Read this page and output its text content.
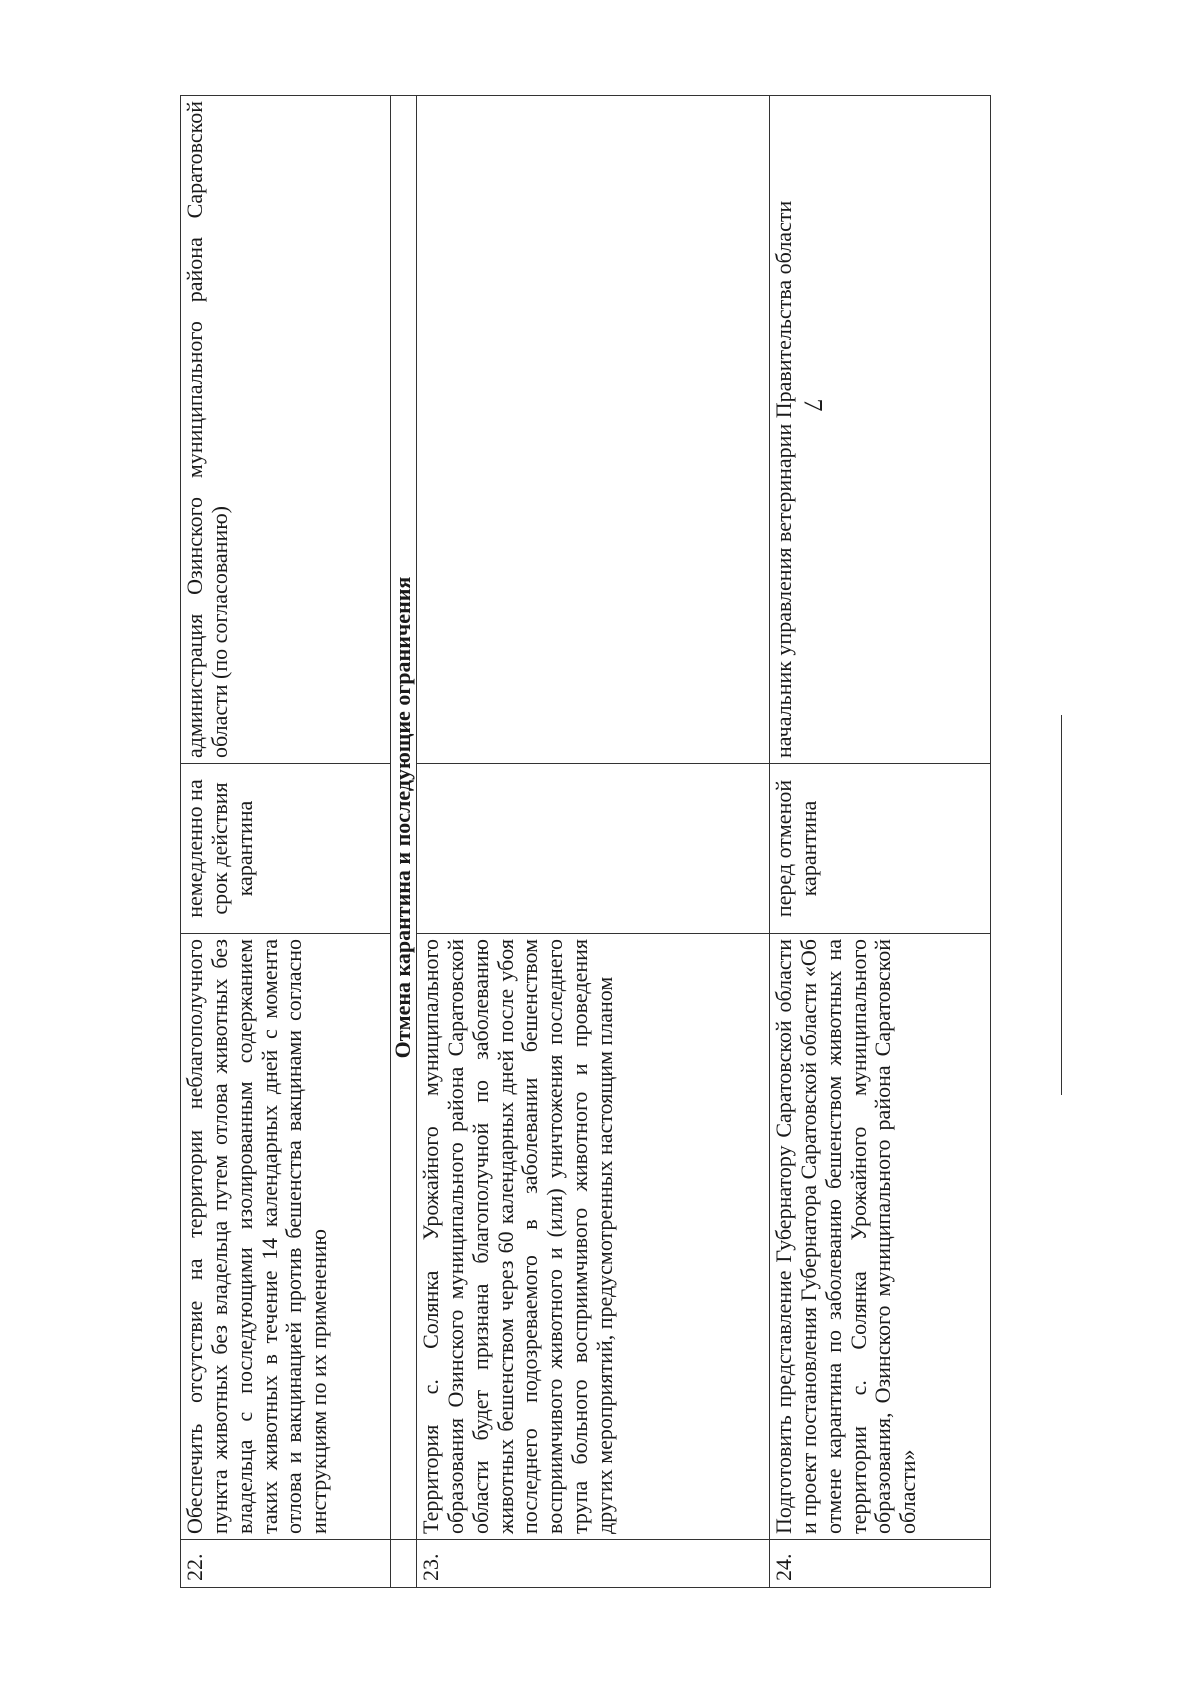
7
22.	Обеспечить отсутствие на территории неблагополучного пункта животных без владельца путем отлова животных без владельца с последующими изолированным содержанием таких животных в течение 14 календарных дней с момента отлова и вакцинацией против бешенства вакцинами согласно инструкциям по их применению	немедленно на срок действия карантина	администрация Озинского муниципального района Саратовской области (по согласованию)
	Отмена карантина и последующие ограничения		
23.	Территория с. Солянка Урожайного муниципального образования Озинского муниципального района Саратовской области будет признана благополучной по заболеванию животных бешенством через 60 календарных дней после убоя последнего подозреваемого в заболевании бешенством восприимчивого животного и (или) уничтожения последнего трупа больного восприимчивого животного и проведения других мероприятий, предусмотренных настоящим планом		
24.	Подготовить представление Губернатору Саратовской области и проект постановления Губернатора Саратовской области «Об отмене карантина по заболеванию бешенством животных на территории с. Солянка Урожайного муниципального образования, Озинского муниципального района Саратовской области»	перед отменой карантина	начальник управления ветеринарии Правительства области
